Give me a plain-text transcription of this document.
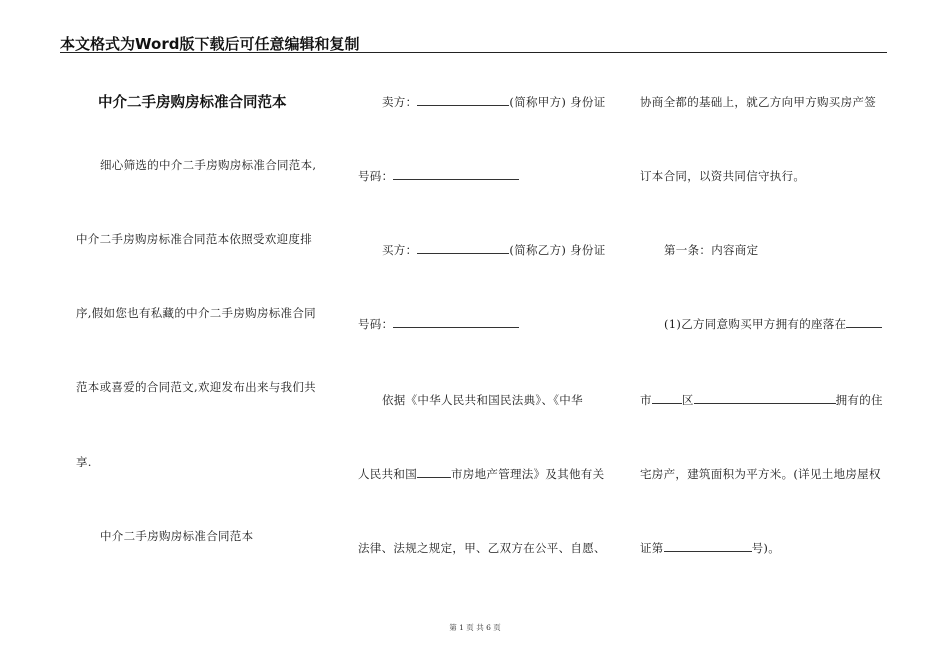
本文格式为Word版下载后可任意编辑和复制
中介二手房购房标准合同范本
细心筛选的中介二手房购房标准合同范本,
中介二手房购房标准合同范本依照受欢迎度排
序,假如您也有私藏的中介二手房购房标准合同
范本或喜爱的合同范文,欢迎发布出来与我们共
享.
中介二手房购房标准合同范本
卖方：	(简称甲方) 身份证
号码：
买方：	(简称乙方) 身份证
号码：
依据《中华人民共和国民法典》、《中华
人民共和国	市房地产管理法》及其他有关
法律、法规之规定，甲、乙双方在公平、自愿、
协商全都的基础上，就乙方向甲方购买房产签
订本合同，以资共同信守执行。
第一条：内容商定
(1)乙方同意购买甲方拥有的座落在
市	区	拥有的住
宅房产，建筑面积为平方米。(详见土地房屋权
证第	号)。
第 1 页 共 6 页
